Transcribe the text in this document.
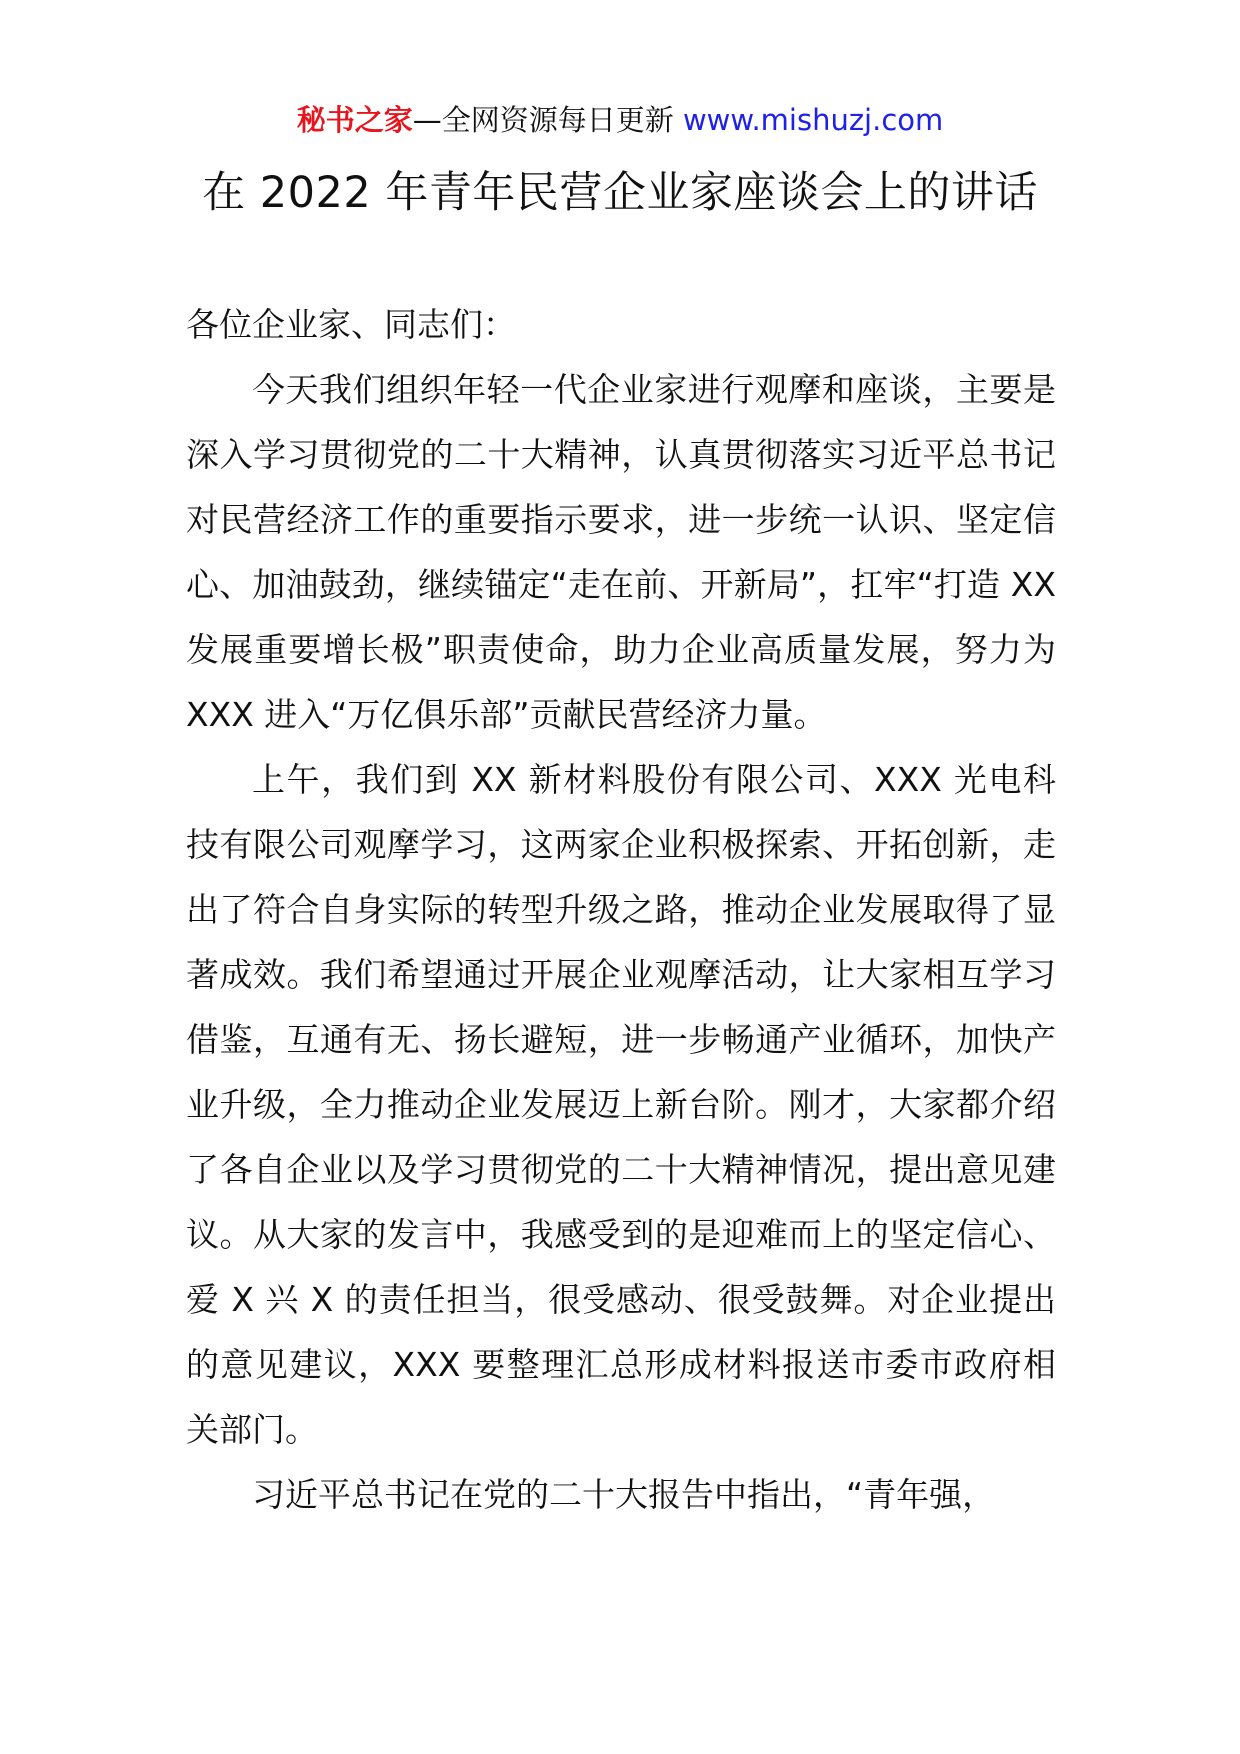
秘书之家—全网资源每日更新 www.mishuzj.com
在 2022 年青年民营企业家座谈会上的讲话

各位企业家、同志们：

今天我们组织年轻一代企业家进行观摩和座谈，主要是深入学习贯彻党的二十大精神，认真贯彻落实习近平总书记对民营经济工作的重要指示要求，进一步统一认识、坚定信心、加油鼓劲，继续锚定“走在前、开新局”，扛牢“打造 XX 发展重要增长极”职责使命，助力企业高质量发展，努力为 XXX 进入“万亿俱乐部”贡献民营经济力量。

上午，我们到 XX 新材料股份有限公司、XXX 光电科技有限公司观摩学习，这两家企业积极探索、开拓创新，走出了符合自身实际的转型升级之路，推动企业发展取得了显著成效。我们希望通过开展企业观摩活动，让大家相互学习借鉴，互通有无、扬长避短，进一步畅通产业循环，加快产业升级，全力推动企业发展迈上新台阶。刚才，大家都介绍了各自企业以及学习贯彻党的二十大精神情况，提出意见建议。从大家的发言中，我感受到的是迎难而上的坚定信心、爱 X 兴 X 的责任担当，很受感动、很受鼓舞。对企业提出的意见建议，XXX 要整理汇总形成材料报送市委市政府相关部门。

习近平总书记在党的二十大报告中指出，“青年强，
